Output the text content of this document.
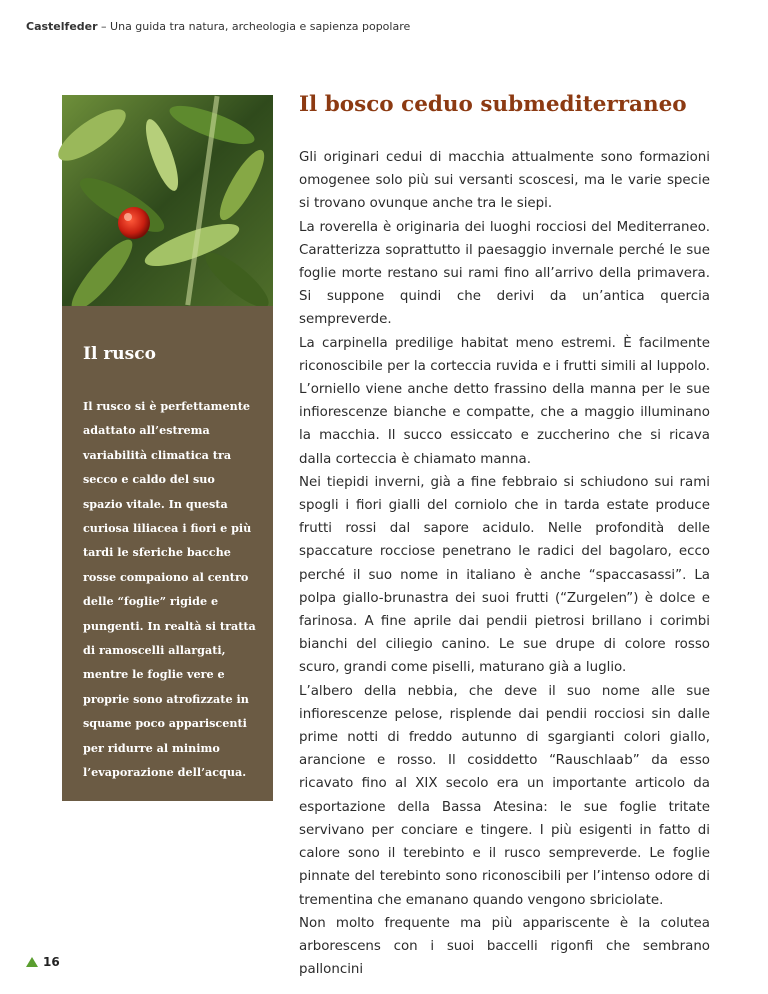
Castelfeder – Una guida tra natura, archeologia e sapienza popolare
Il rusco

Il rusco si è perfettamente adattato all’estrema variabilità climatica tra secco e caldo del suo spazio vitale. In questa curiosa liliacea i fiori e più tardi le sferiche bacche rosse compaiono al centro delle “foglie” rigide e pungenti. In realtà si tratta di ramoscelli allargati, mentre le foglie vere e proprie sono atrofizzate in squame poco appariscenti per ridurre al minimo l’evaporazione dell’acqua.

Il bosco ceduo submediterraneo

Gli originari cedui di macchia attualmente sono formazioni omogenee solo più sui versanti scoscesi, ma le varie specie si trovano ovunque anche tra le siepi.

La roverella è originaria dei luoghi rocciosi del Mediterraneo. Caratterizza soprattutto il paesaggio invernale perché le sue foglie morte restano sui rami fino all’arrivo della primavera. Si suppone quindi che derivi da un’antica quercia sempreverde.

La carpinella predilige habitat meno estremi. È facilmente riconoscibile per la corteccia ruvida e i frutti simili al luppolo. L’orniello viene anche detto frassino della manna per le sue infiorescenze bianche e compatte, che a maggio illuminano la macchia. Il succo essiccato e zuccherino che si ricava dalla corteccia è chiamato manna.

Nei tiepidi inverni, già a fine febbraio si schiudono sui rami spogli i fiori gialli del corniolo che in tarda estate produce frutti rossi dal sapore acidulo. Nelle profondità delle spaccature rocciose penetrano le radici del bagolaro, ecco perché il suo nome in italiano è anche “spaccasassi”. La polpa giallo-brunastra dei suoi frutti (“Zurgelen”) è dolce e farinosa. A fine aprile dai pendii pietrosi brillano i corimbi bianchi del ciliegio canino. Le sue drupe di colore rosso scuro, grandi come piselli, maturano già a luglio.

L’albero della nebbia, che deve il suo nome alle sue infiorescenze pelose, risplende dai pendii rocciosi sin dalle prime notti di freddo autunno di sgargianti colori giallo, arancione e rosso. Il cosiddetto “Rauschlaab” da esso ricavato fino al XIX secolo era un importante articolo da esportazione della Bassa Atesina: le sue foglie tritate servivano per conciare e tingere. I più esigenti in fatto di calore sono il terebinto e il rusco sempreverde. Le foglie pinnate del terebinto sono riconoscibili per l’intenso odore di trementina che emanano quando vengono sbriciolate.

Non molto frequente ma più appariscente è la colutea arborescens con i suoi baccelli rigonfi che sembrano palloncini

16
